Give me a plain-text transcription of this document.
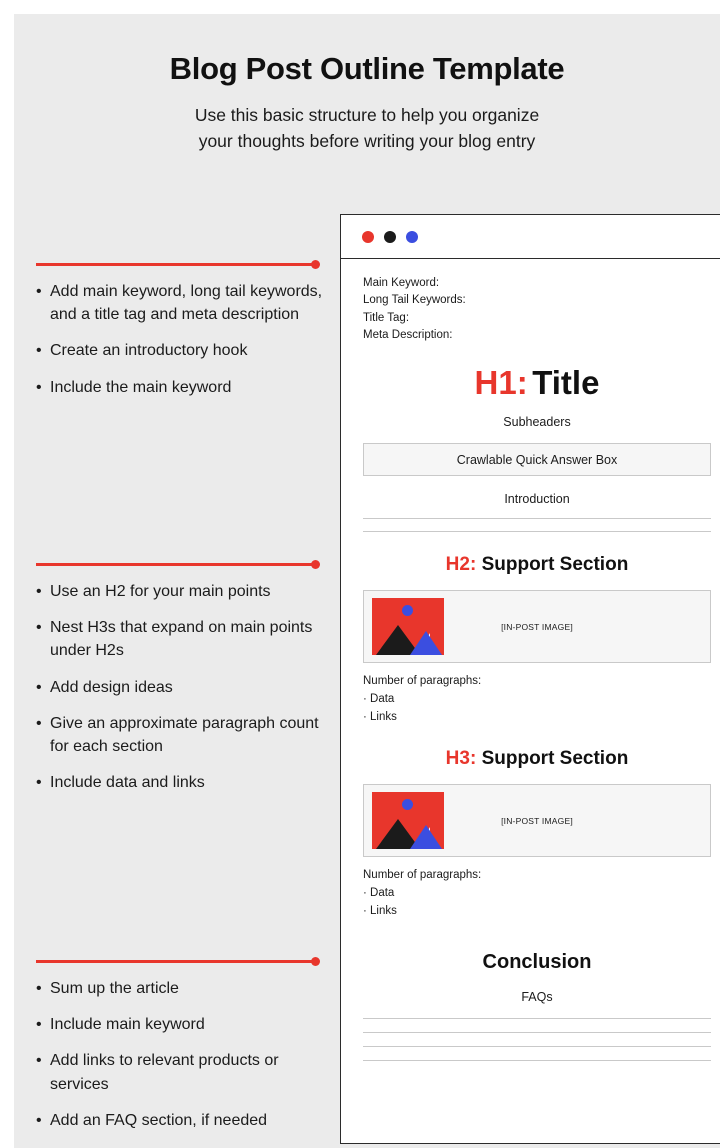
Blog Post Outline Template
Use this basic structure to help you organize
your thoughts before writing your blog entry
• Add main keyword, long tail keywords, and a title tag and meta description
• Create an introductory hook
• Include the main keyword
• Use an H2 for your main points
• Nest H3s that expand on main points under H2s
• Add design ideas
• Give an approximate paragraph count for each section
• Include data and links
• Sum up the article
• Include main keyword
• Add links to relevant products or services
• Add an FAQ section, if needed
Main Keyword:
Long Tail Keywords:
Title Tag:
Meta Description:
H1: Title
Subheaders
Crawlable Quick Answer Box
Introduction
H2: Support Section
[IN-POST IMAGE]
Number of paragraphs:
· Data
· Links
H3: Support Section
[IN-POST IMAGE]
Number of paragraphs:
· Data
· Links
Conclusion
FAQs
